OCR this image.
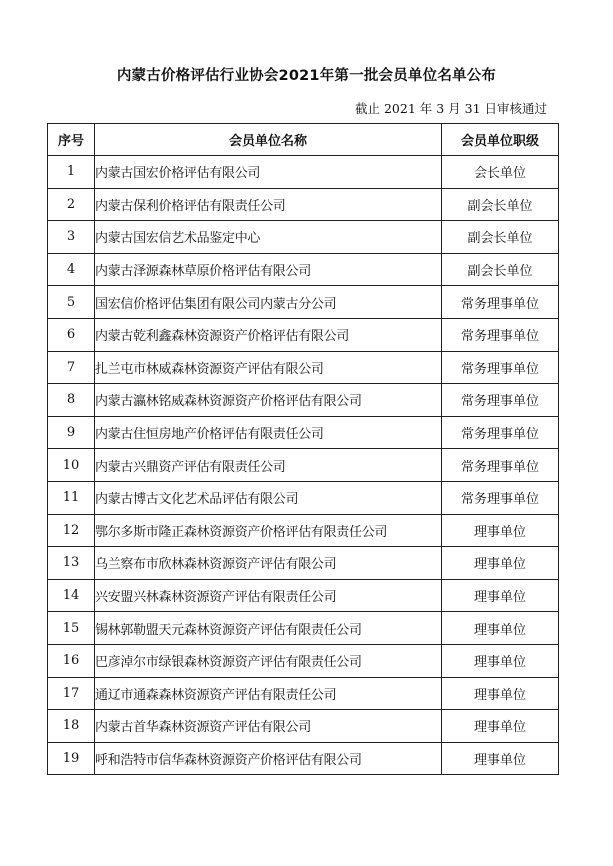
内蒙古价格评估行业协会2021年第一批会员单位名单公布
截止 2021 年 3 月 31 日审核通过
序号	会员单位名称	会员单位职级
1	内蒙古国宏价格评估有限公司	会长单位
2	内蒙古保利价格评估有限责任公司	副会长单位
3	内蒙古国宏信艺术品鉴定中心	副会长单位
4	内蒙古泽源森林草原价格评估有限公司	副会长单位
5	国宏信价格评估集团有限公司内蒙古分公司	常务理事单位
6	内蒙古乾利鑫森林资源资产价格评估有限公司	常务理事单位
7	扎兰屯市林威森林资源资产评估有限公司	常务理事单位
8	内蒙古瀛林铭威森林资源资产价格评估有限公司	常务理事单位
9	内蒙古住恒房地产价格评估有限责任公司	常务理事单位
10	内蒙古兴鼎资产评估有限责任公司	常务理事单位
11	内蒙古博古文化艺术品评估有限公司	常务理事单位
12	鄂尔多斯市隆正森林资源资产价格评估有限责任公司	理事单位
13	乌兰察布市欣林森林资源资产评估有限公司	理事单位
14	兴安盟兴林森林资源资产评估有限责任公司	理事单位
15	锡林郭勒盟天元森林资源资产评估有限责任公司	理事单位
16	巴彦淖尔市绿银森林资源资产评估有限责任公司	理事单位
17	通辽市通森森林资源资产评估有限责任公司	理事单位
18	内蒙古首华森林资源资产评估有限公司	理事单位
19	呼和浩特市信华森林资源资产价格评估有限公司	理事单位
